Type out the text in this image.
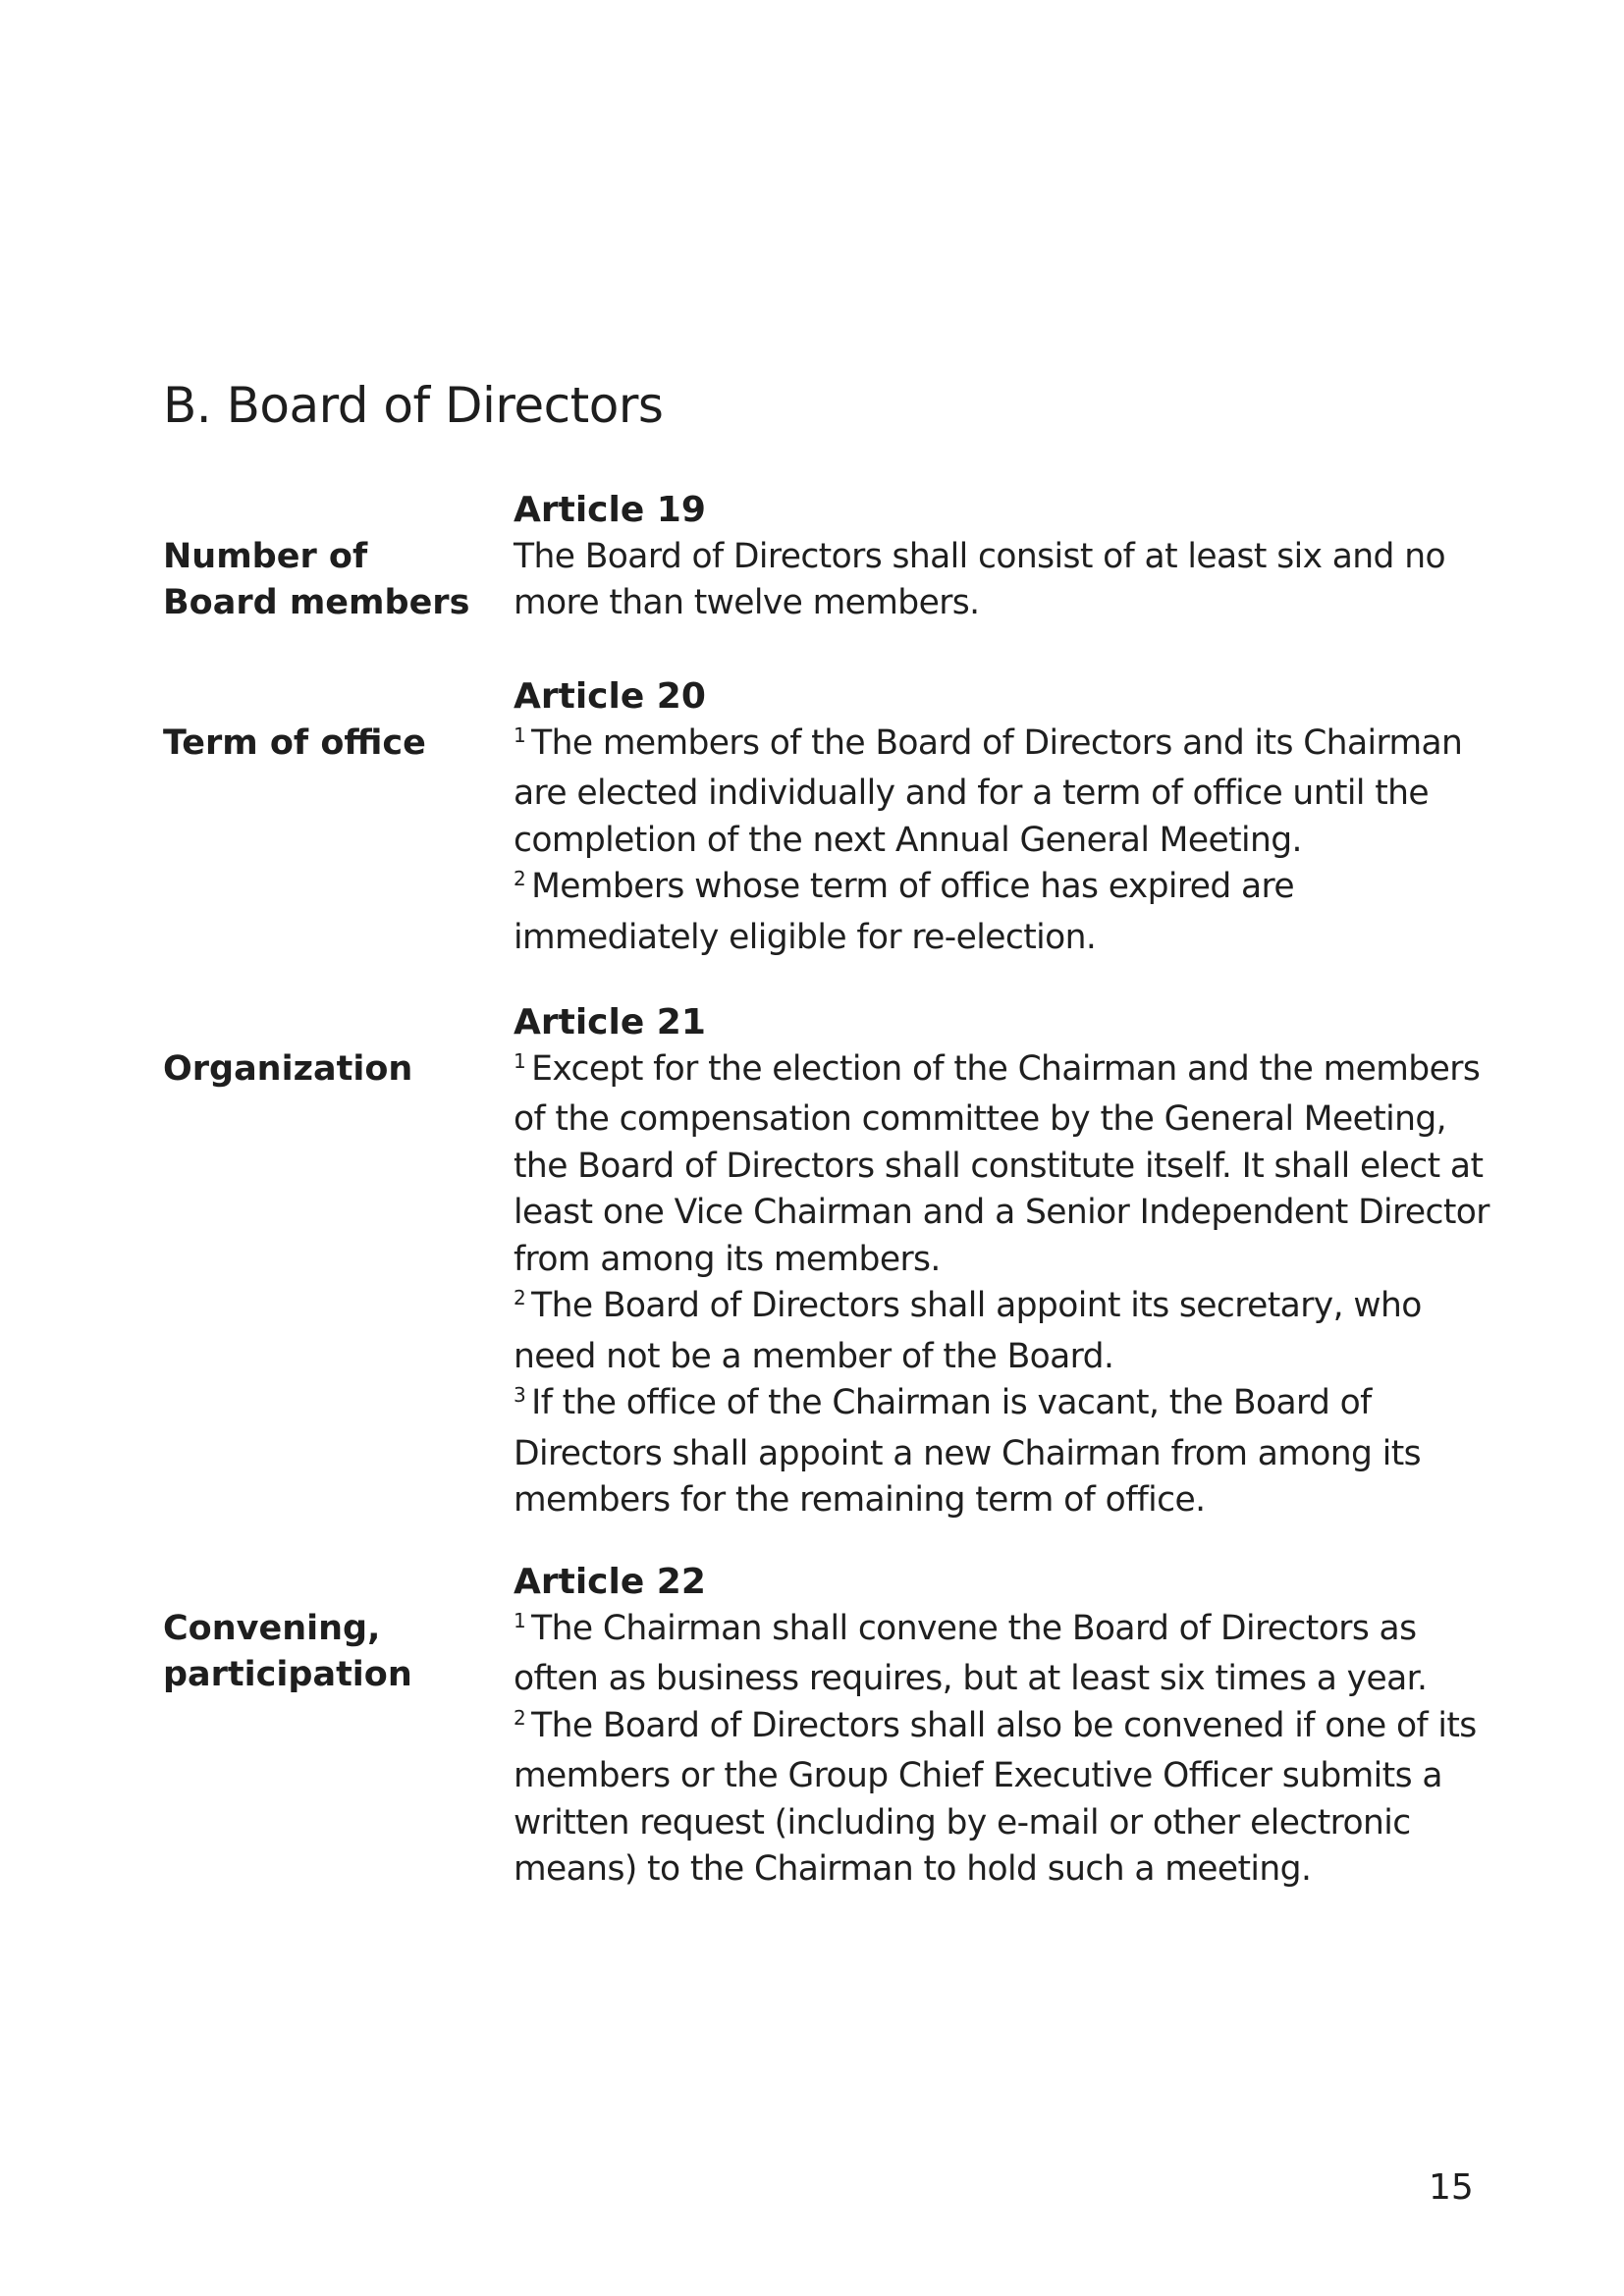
B. Board of Directors
Number of
Board members

Article 19

The Board of Directors shall consist of at least six and no more than twelve members.

Term of office

Article 20

$^1$ The members of the Board of Directors and its Chairman are elected individually and for a term of office until the completion of the next Annual General Meeting.

$^2$ Members whose term of office has expired are immediately eligible for re-election.

Organization

Article 21

$^1$ Except for the election of the Chairman and the members of the compensation committee by the General Meeting, the Board of Directors shall constitute itself. It shall elect at least one Vice Chairman and a Senior Independent Director from among its members.

$^2$ The Board of Directors shall appoint its secretary, who need not be a member of the Board.

$^3$ If the office of the Chairman is vacant, the Board of Directors shall appoint a new Chairman from among its members for the remaining term of office.

Convening,
participation

Article 22

$^1$ The Chairman shall convene the Board of Directors as often as business requires, but at least six times a year.

$^2$ The Board of Directors shall also be convened if one of its members or the Group Chief Executive Officer submits a written request (including by e-mail or other electronic means) to the Chairman to hold such a meeting.

15
